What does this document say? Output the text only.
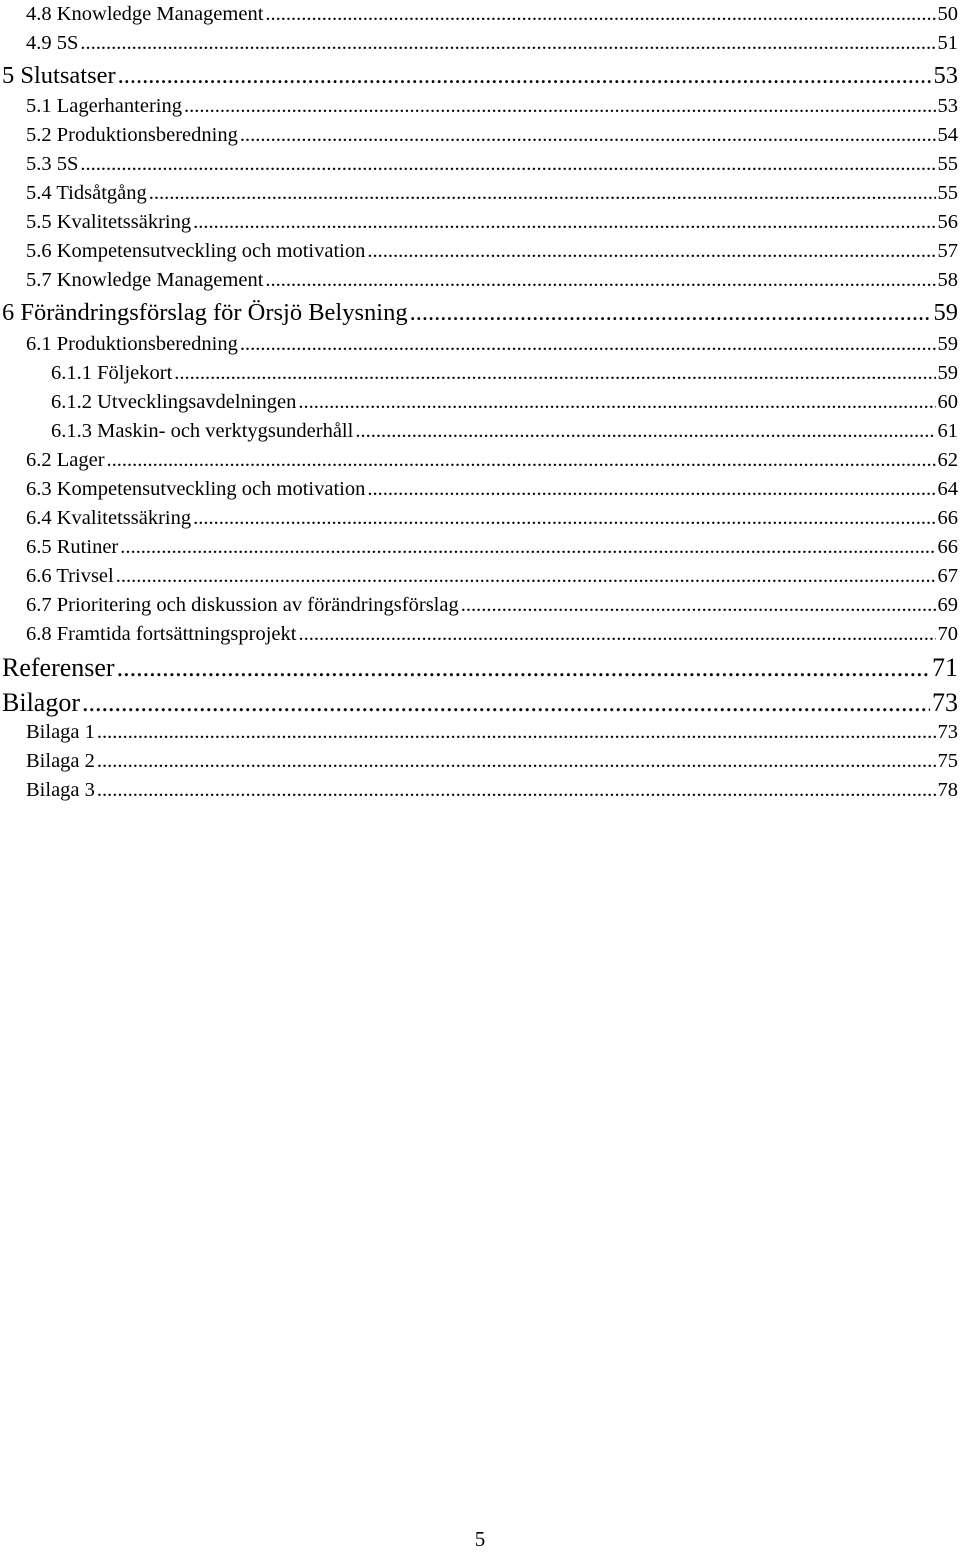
4.8 Knowledge Management .....	50
4.9 5S .....	51
5 Slutsatser .....	53
5.1 Lagerhantering .....	53
5.2 Produktionsberedning .....	54
5.3 5S .....	55
5.4 Tidsåtgång .....	55
5.5 Kvalitetssäkring .....	56
5.6 Kompetensutveckling och motivation .....	57
5.7 Knowledge Management .....	58
6 Förändringsförslag för Örsjö Belysning .....	59
6.1 Produktionsberedning .....	59
6.1.1 Följekort .....	59
6.1.2 Utvecklingsavdelningen .....	60
6.1.3 Maskin- och verktygsunderhåll .....	61
6.2 Lager .....	62
6.3 Kompetensutveckling och motivation .....	64
6.4 Kvalitetssäkring .....	66
6.5 Rutiner .....	66
6.6 Trivsel .....	67
6.7 Prioritering och diskussion av förändringsförslag .....	69
6.8 Framtida fortsättningsprojekt .....	70
Referenser .....	71
Bilagor .....	73
Bilaga 1 .....	73
Bilaga 2 .....	75
Bilaga 3 .....	78
5
